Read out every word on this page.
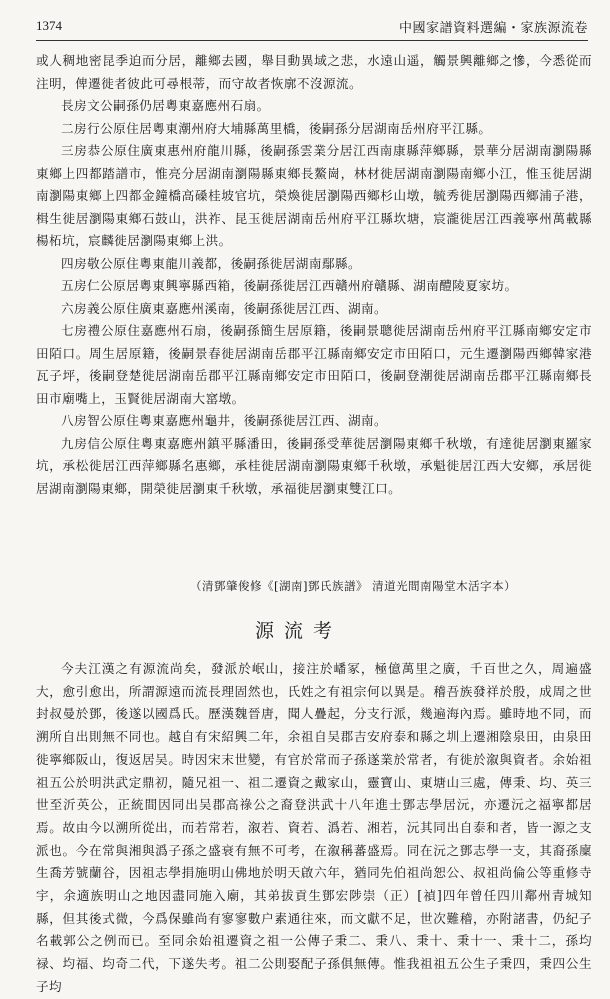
1374	中國家譜資料選編・家族源流卷

或人稠地密昆季迫而分居，離鄉去國，舉目動異域之悲，水遠山遥，觸景興離鄉之慘，今悉從而注明，俾遷徙者彼此可尋根蒂，而守故者恢廓不沒源流。

長房文公嗣孫仍居粵東嘉應州石扇。

二房行公原住居粵東潮州府大埔縣萬里橋，後嗣孫分居湖南岳州府平江縣。

三房恭公原住廣東惠州府龍川縣，後嗣孫雲業分居江西南康縣萍鄉縣，景華分居湖南瀏陽縣東鄉上四都踏譜市，惟亮分居湖南瀏陽縣東鄉長鰲崗，林材徙居湖南瀏陽南鄉小江，惟玉徙居湖南瀏陽東鄉上四都金鐘橋高磉桂坡官坑，榮煥徙居瀏陽西鄉杉山墩，毓秀徙居瀏陽西鄉浦子港，楫生徙居瀏陽東鄉石鼓山，洪祚、昆玉徙居湖南岳州府平江縣坎塘，宸瀧徙居江西義寧州萬載縣楊柘坑，宸麟徙居瀏陽東鄉上洪。

四房敬公原住粵東龍川義都，後嗣孫徙居湖南鄢縣。

五房仁公原居粵東興寧縣西箱，後嗣孫徙居江西贛州府贛縣、湖南醴陵夏家坊。

六房義公原住廣東嘉應州溪南，後嗣孫徙居江西、湖南。

七房禮公原住嘉應州石扇，後嗣孫簡生居原籍，後嗣景聰徙居湖南岳州府平江縣南鄉安定市田陌口。周生居原籍，後嗣景春徙居湖南岳郡平江縣南鄉安定市田陌口，元生遷瀏陽西鄉韓家港瓦子坪，後嗣登楚徙居湖南岳郡平江縣南鄉安定市田陌口，後嗣登潮徙居湖南岳郡平江縣南鄉長田市廟嘴上，玉賢徙居湖南大窰墩。

八房智公原住粵東嘉應州龜井，後嗣孫徙居江西、湖南。

九房信公原住粵東嘉應州鎮平縣潘田，後嗣孫受華徙居瀏陽東鄉千秋墩，有達徙居瀏東羅家坑，承松徙居江西萍鄉縣名惠鄉，承桂徙居湖南瀏陽東鄉千秋墩，承魁徙居江西大安鄉，承居徙居湖南瀏陽東鄉，開榮徙居瀏東千秋墩，承福徙居瀏東雙江口。

（清鄧肇俊修《[湖南]鄧氏族譜》 清道光間南陽堂木活字本）
源流考

今夫江漢之有源流尚矣，發派於岷山，接注於嶓冢，極億萬里之廣，千百世之久，周遍盛大，愈引愈出，所謂源遠而流長理固然也，氏姓之有祖宗何以異是。稽吾族發祥於殷，成周之世封叔曼於鄧，後遂以國爲氏。歷漢魏晉唐，聞人疊起，分支行派，幾遍海內焉。雖時地不同，而溯所自出則無不同也。越自有宋紹興二年，余祖自吴郡吉安府泰和縣之圳上遷湘陰泉田，由泉田徙寧鄉阪山，復返居吴。時因宋末世變，有官於常而子孫遂業於常者，有徙於溆與資者。余始祖祖五公於明洪武定鼎初，隨兄祖一、祖二遷資之戴家山，靈寶山、東塘山三處，傳秉、均、英三世至沂英公，正統間因同出吴郡高祿公之裔登洪武十八年進士鄧志學居沅，亦遷沅之福寧都居焉。故由今以溯所從出，而若常若，溆若、資若、潙若、湘若，沅其同出自泰和者，皆一源之支派也。今在常與湘與潙子孫之盛衰有無不可考，在溆稱蕃盛焉。同在沅之鄧志學一支，其裔孫廩生喬芳號蘭谷，因祖志學捐施明山佛地於明天啟六年，猶同先伯祖尚恕公、叔祖尚倫公等重修寺宇，余適族明山之地因盡同施入廟，其弟拔貢生鄧宏陟崇（正）[禎]四年曾任四川鄰州青城知縣，但其後式微，今爲保雖尚有寥寥數户素通往來，而文獻不足，世次難稽，亦附諸書，仍紀子名載郭公之例而已。至同余始祖遷資之祖一公傳子秉二、秉八、秉十、秉十一、秉十二，孫均禄、均福、均奇二代，下遂失考。祖二公則娶配子孫俱無傳。惟我祖祖五公生子秉四，秉四公生子均
